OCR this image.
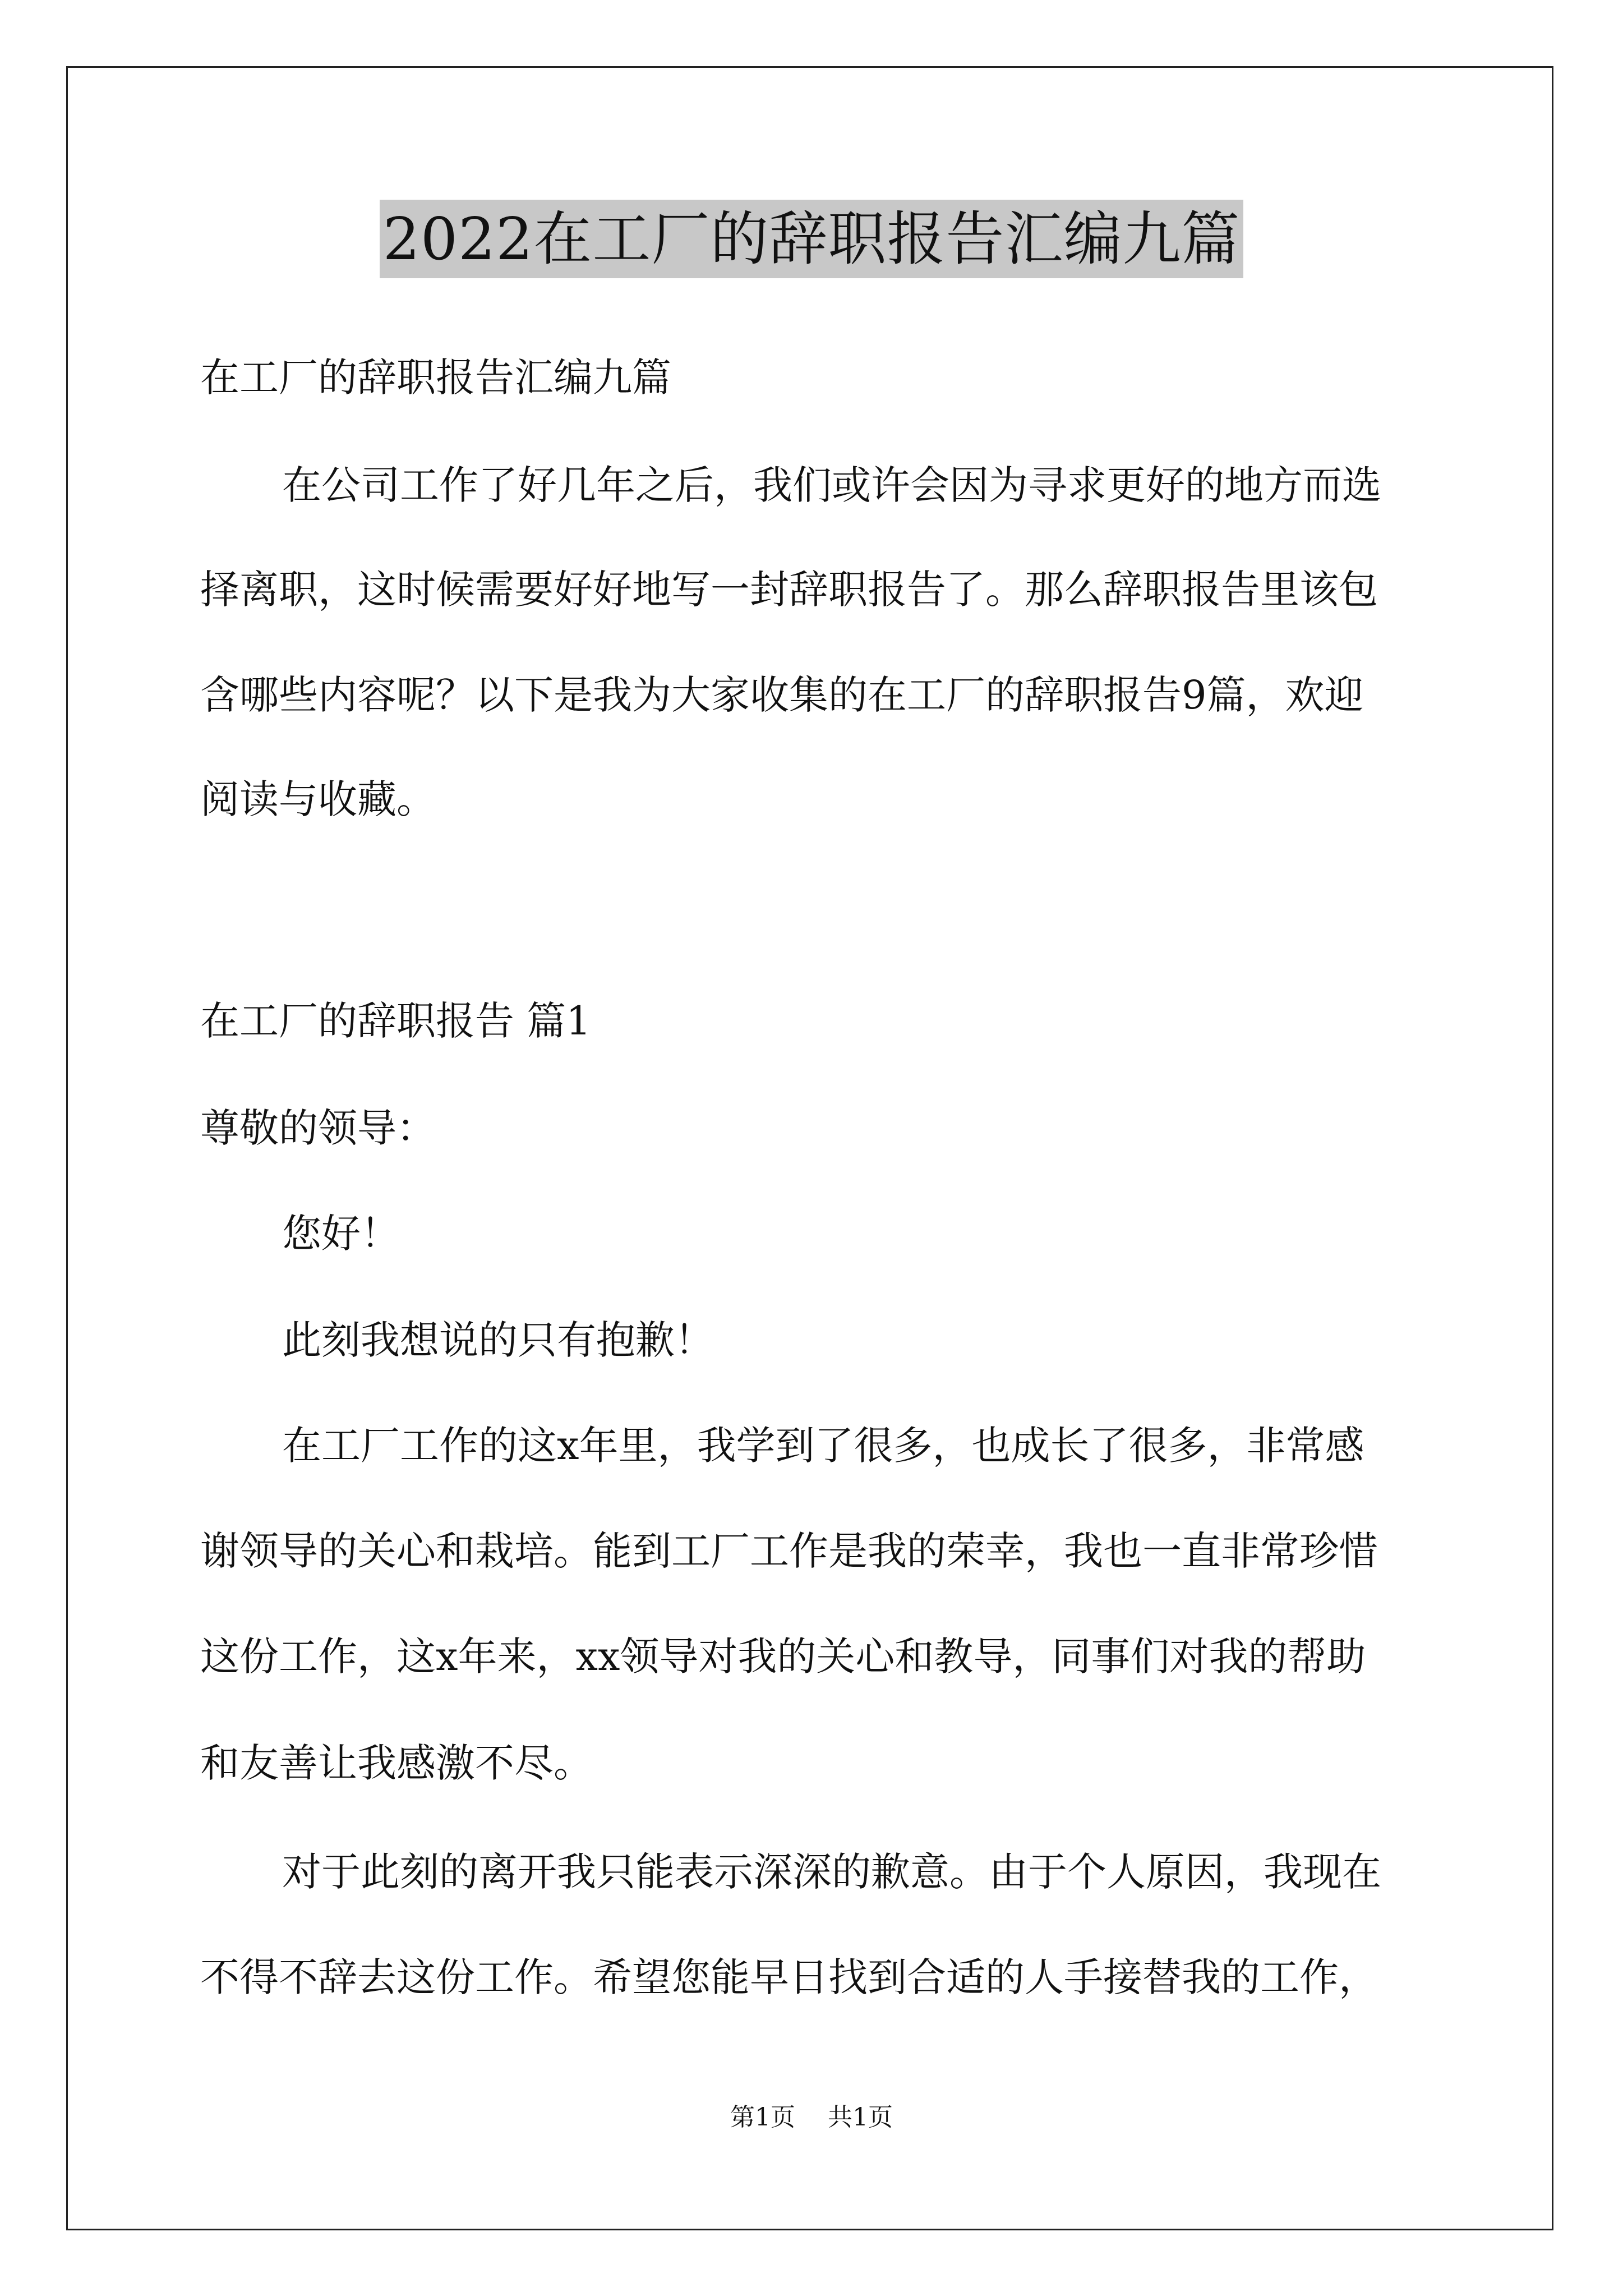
2022在工厂的辞职报告汇编九篇
在工厂的辞职报告汇编九篇
在公司工作了好几年之后，我们或许会因为寻求更好的地方而选
择离职，这时候需要好好地写一封辞职报告了。那么辞职报告里该包
含哪些内容呢？以下是我为大家收集的在工厂的辞职报告9篇，欢迎
阅读与收藏。
在工厂的辞职报告 篇1
尊敬的领导：
您好！
此刻我想说的只有抱歉！
在工厂工作的这x年里，我学到了很多，也成长了很多，非常感
谢领导的关心和栽培。能到工厂工作是我的荣幸，我也一直非常珍惜
这份工作，这x年来，xx领导对我的关心和教导，同事们对我的帮助
和友善让我感激不尽。
对于此刻的离开我只能表示深深的歉意。由于个人原因，我现在
不得不辞去这份工作。希望您能早日找到合适的人手接替我的工作，
第1页 共1页
